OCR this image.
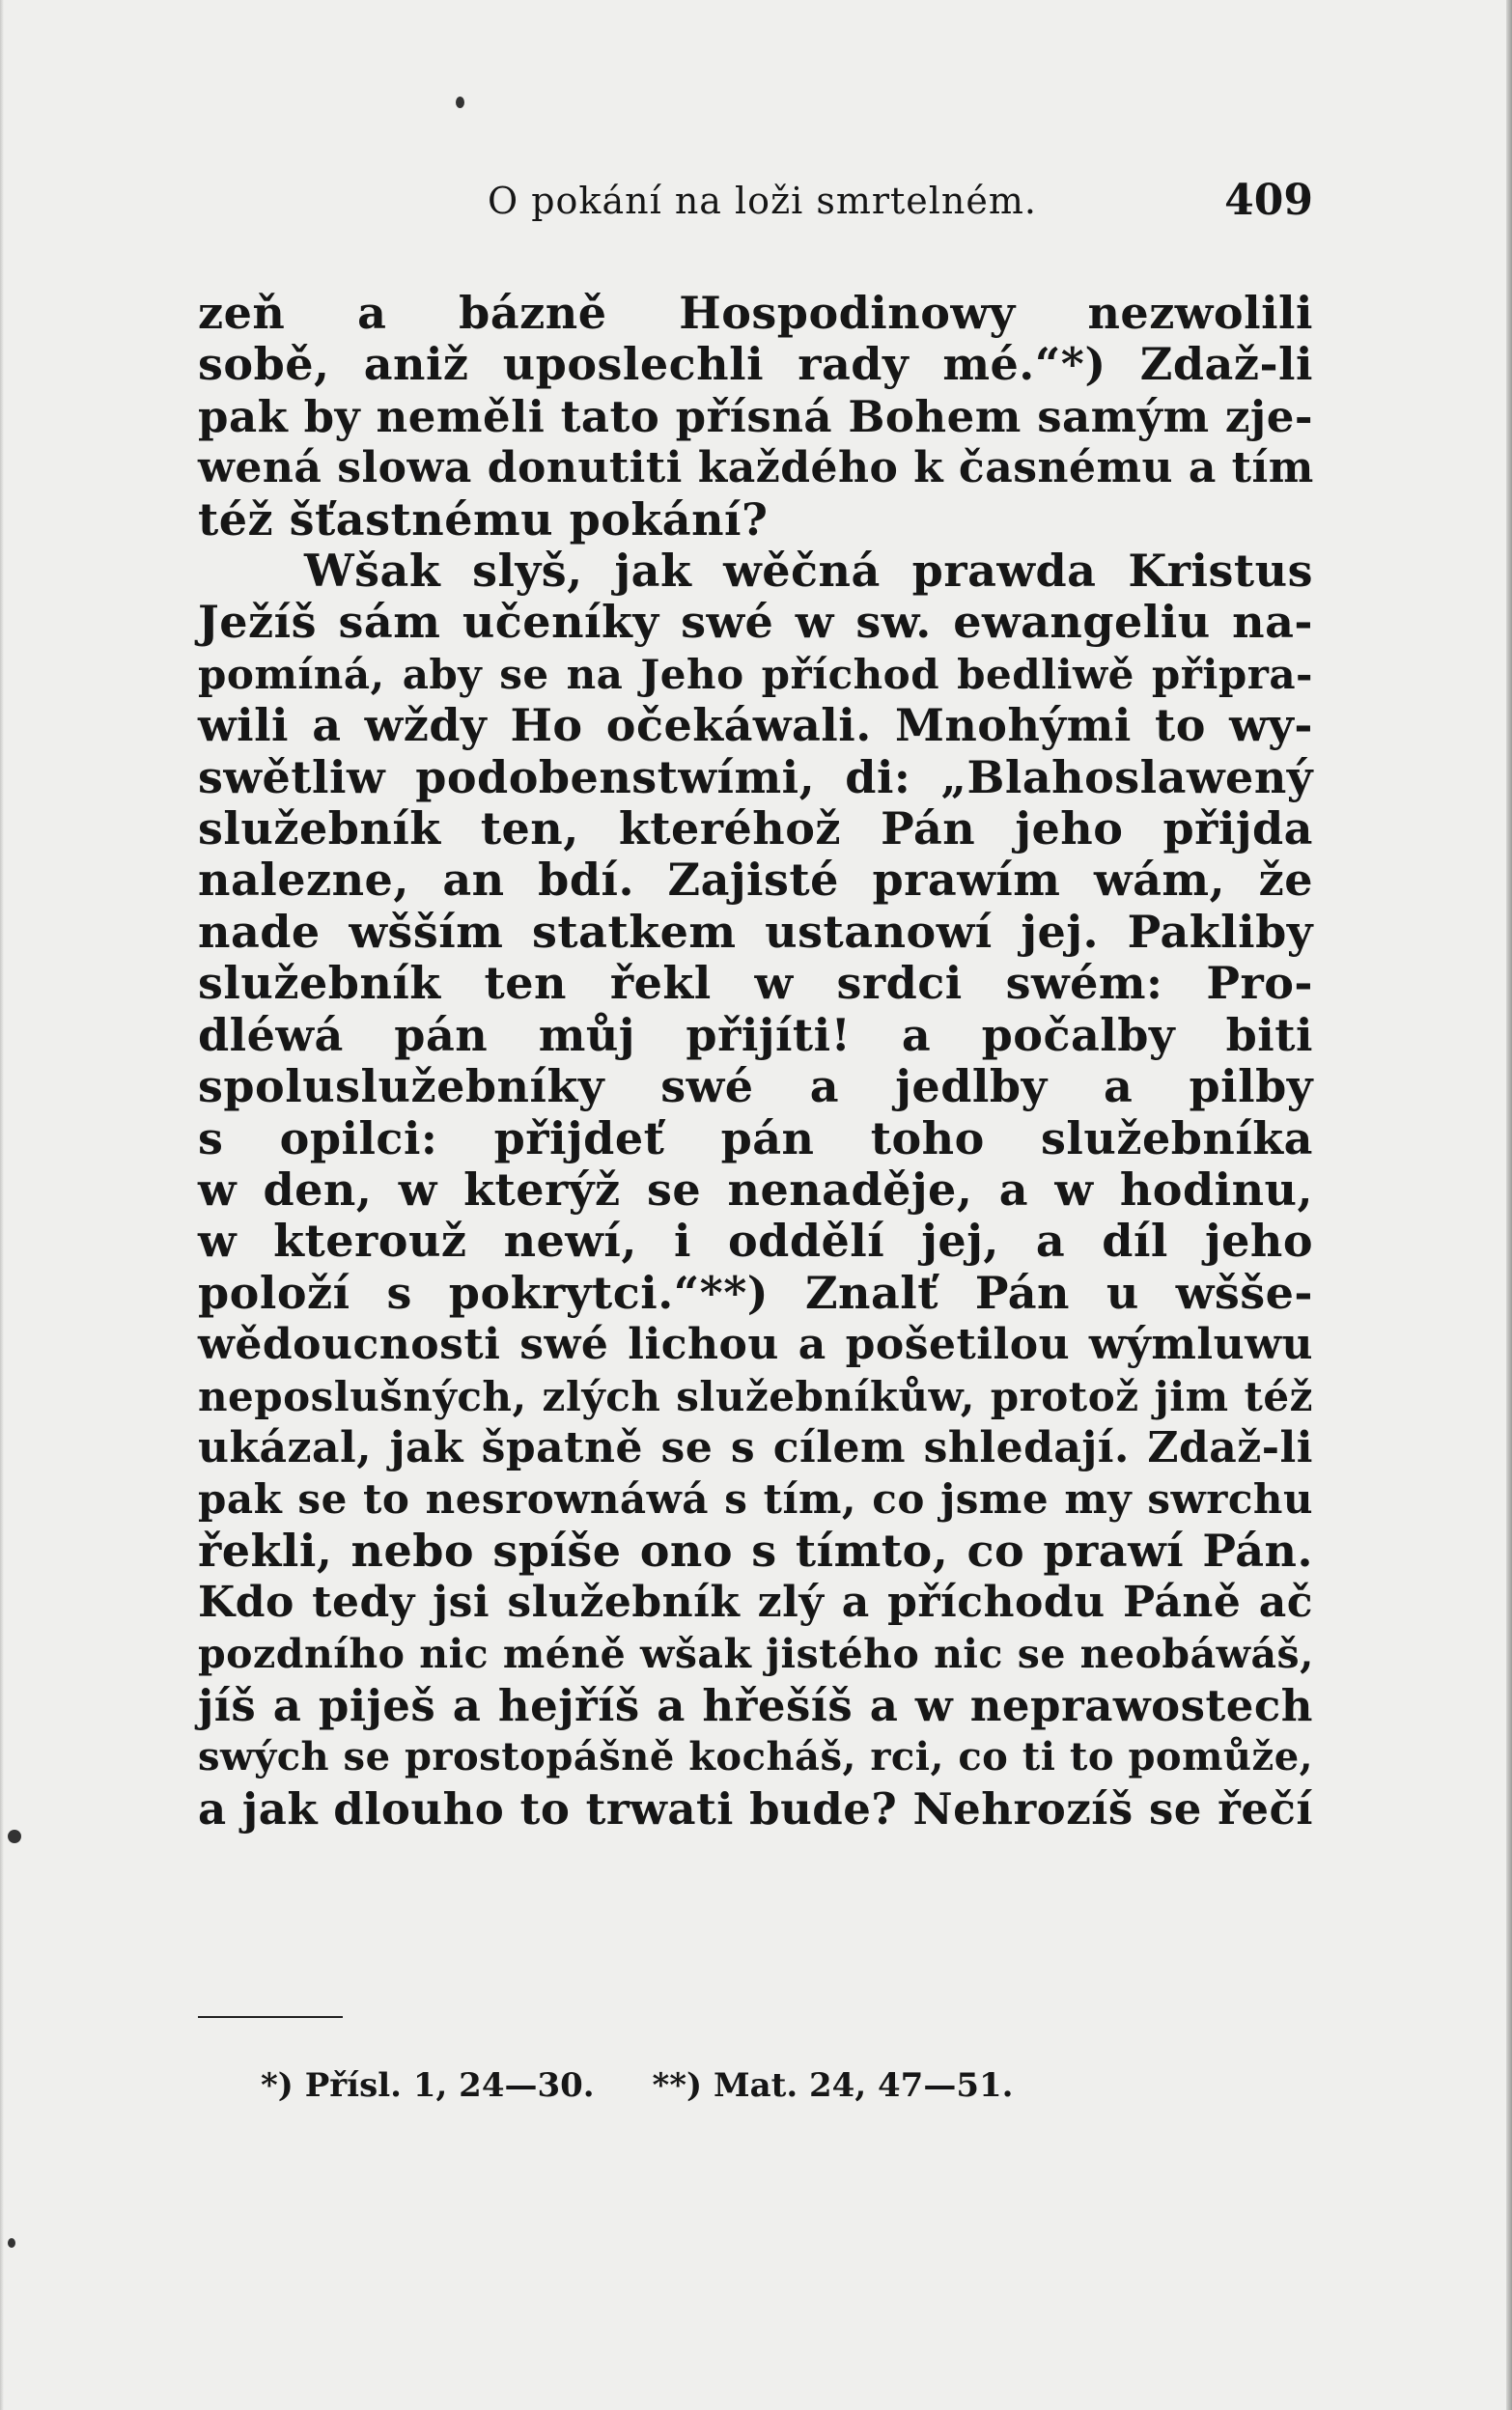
O pokání na loži smrtelném.	409
zeň a bázně Hospodinowy nezwolili
sobě, aniž uposlechli rady mé.“*) Zdaž-li
pak by neměli tato přísná Bohem samým zje-
wená slowa donutiti každého k časnému a tím
též šťastnému pokání?
Wšak slyš, jak wěčná prawda Kristus
Ježíš sám učeníky swé w sw. ewangeliu na-
pomíná, aby se na Jeho příchod bedliwě připra-
wili a wždy Ho očekáwali. Mnohými to wy-
swětliw podobenstwími, di: „Blahoslawený
služebník ten, kteréhož Pán jeho přijda
nalezne, an bdí. Zajisté prawím wám, že
nade wšším statkem ustanowí jej. Pakliby
služebník ten řekl w srdci swém: Pro-
dléwá pán můj přijíti! a počalby biti
spoluslužebníky swé a jedlby a pilby
s opilci: přijdeť pán toho služebníka
w den, w kterýž se nenaděje, a w hodinu,
w kterouž newí, i oddělí jej, a díl jeho
položí s pokrytci.“**) Znalť Pán u wšše-
wědoucnosti swé lichou a pošetilou wýmluwu
neposlušných, zlých služebníkůw, protož jim též
ukázal, jak špatně se s cílem shledají. Zdaž-li
pak se to nesrownáwá s tím, co jsme my swrchu
řekli, nebo spíše ono s tímto, co prawí Pán.
Kdo tedy jsi služebník zlý a příchodu Páně ač
pozdního nic méně wšak jistého nic se neobáwáš,
jíš a piješ a hejříš a hřešíš a w neprawostech
swých se prostopášně kocháš, rci, co ti to pomůže,
a jak dlouho to trwati bude? Nehrozíš se řečí
*) Přísl. 1, 24—30. **) Mat. 24, 47—51.
